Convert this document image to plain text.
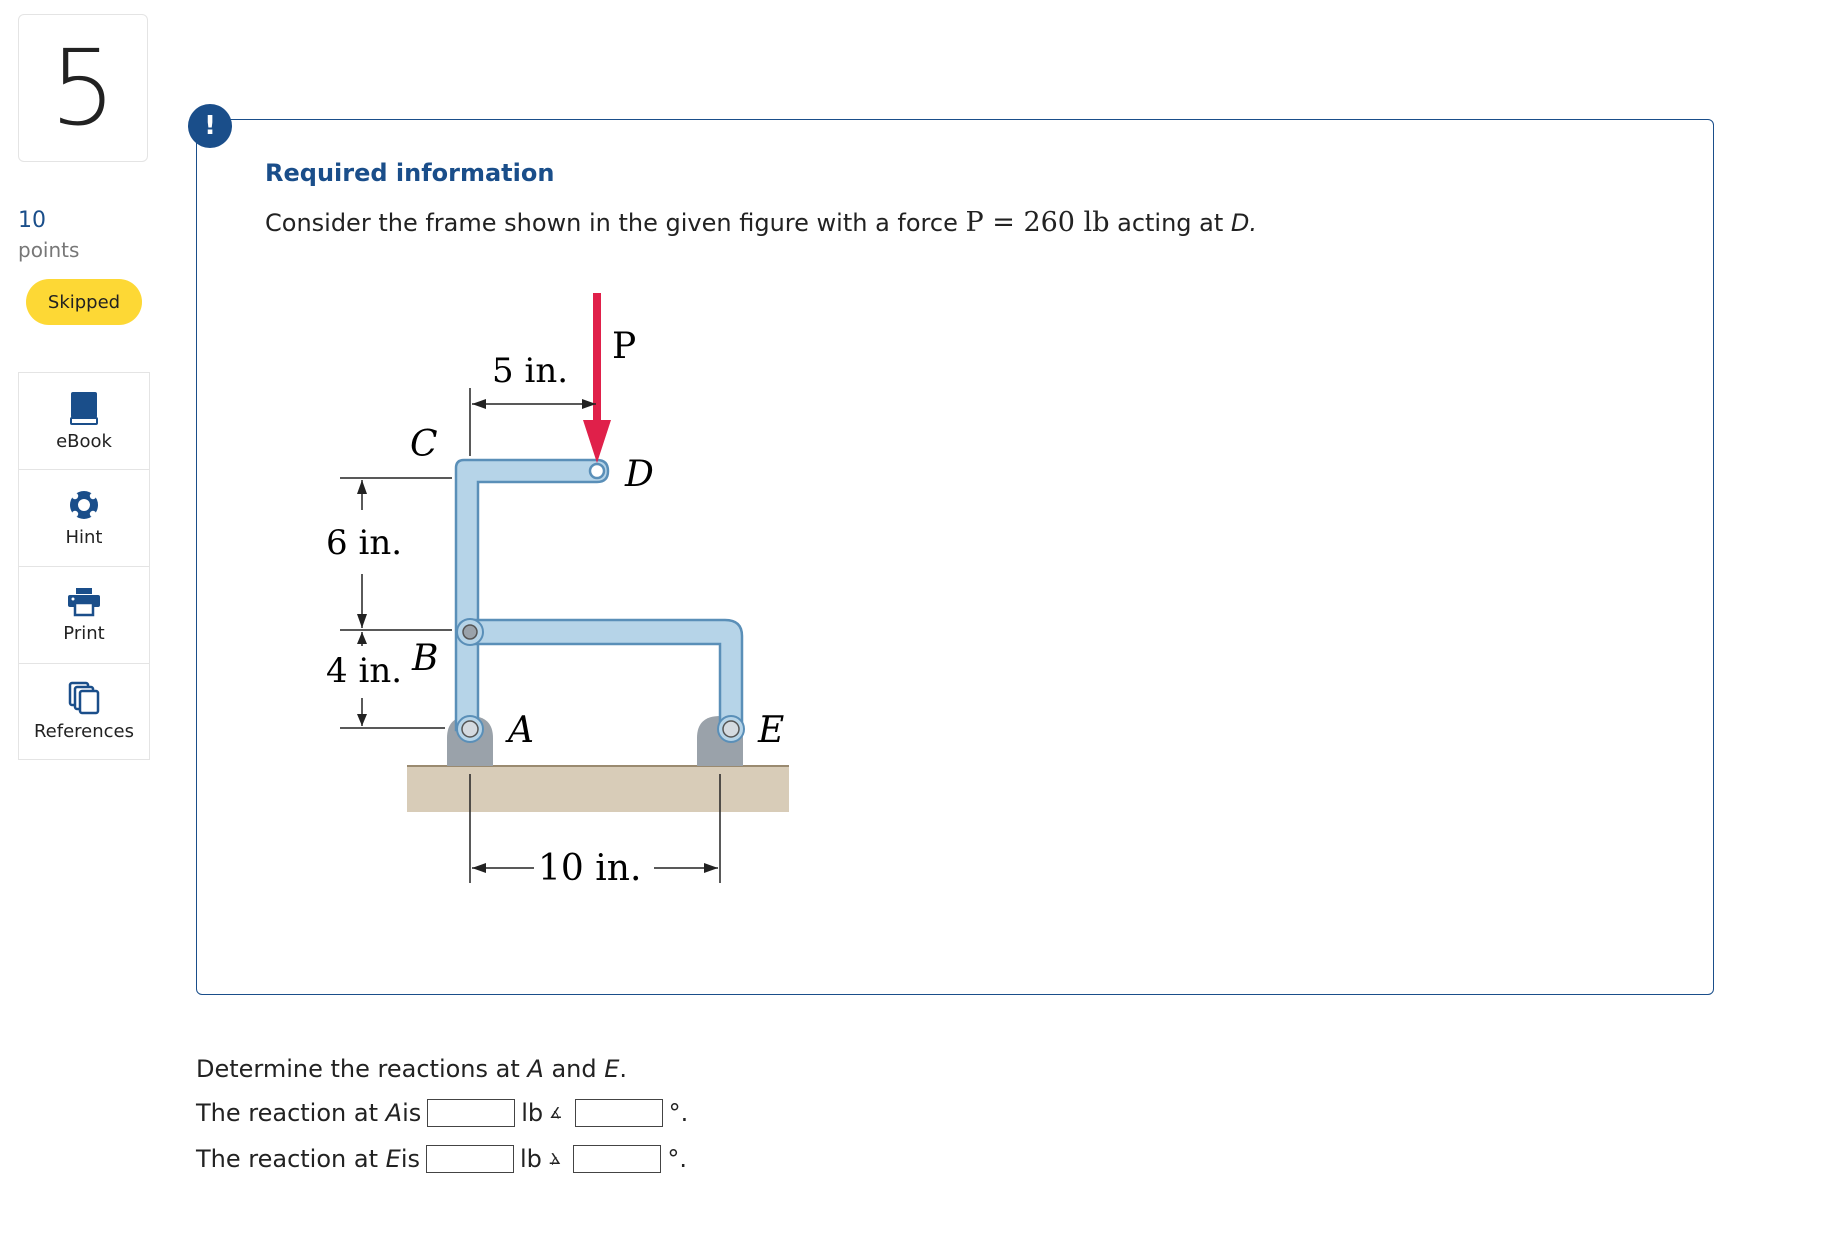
5
10
points
Skipped
eBook
Hint
Print
References
!
Required information
Consider the frame shown in the given figure with a force P = 260 lb acting at D.
P
5 in.
6 in.
4 in.
10 in.
C
D
B
A	E
Determine the reactions at A and E.
The reaction at
A is	lb ∡	°.
The reaction at
E is	lb ∡	°.
